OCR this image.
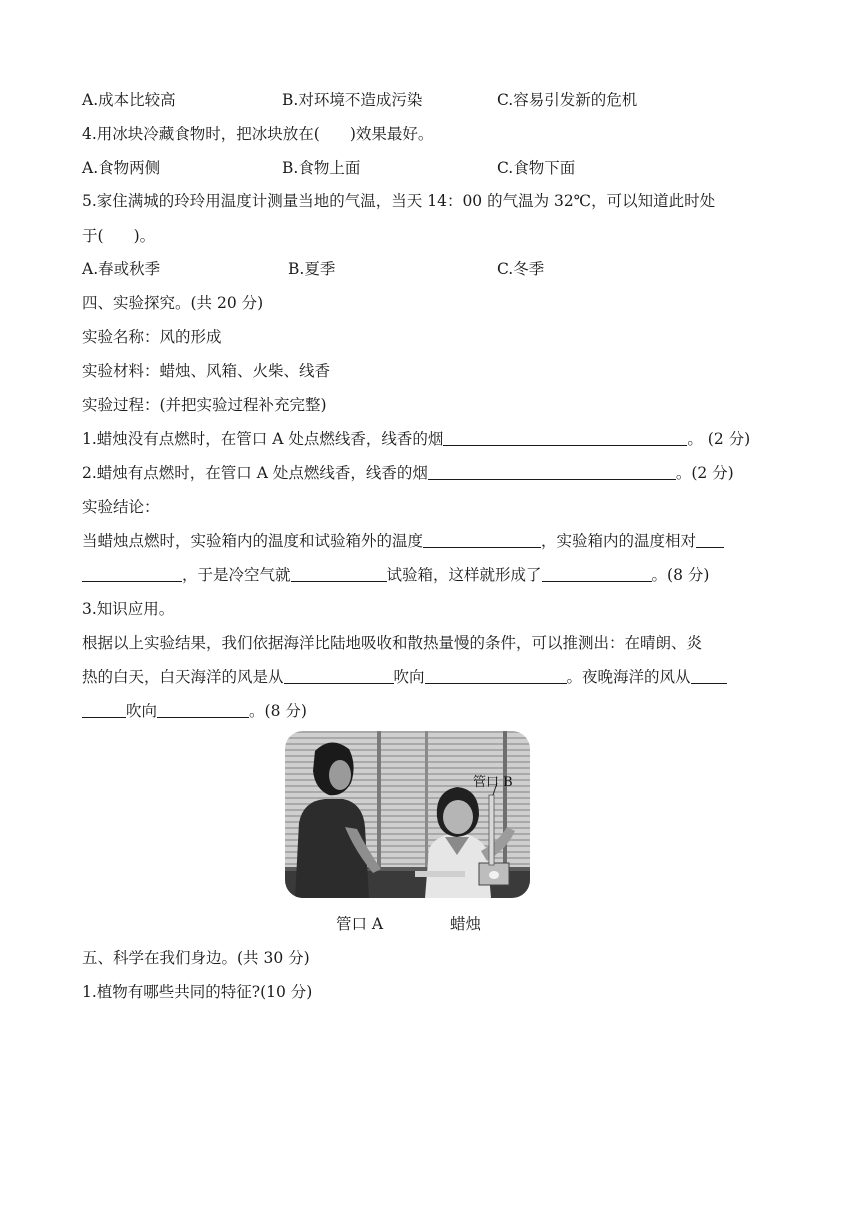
A.成本比较高	B.对环境不造成污染	C.容易引发新的危机
4.用冰块冷藏食物时，把冰块放在( )效果最好。
A.食物两侧	B.食物上面	C.食物下面
5.家住满城的玲玲用温度计测量当地的气温，当天 14：00 的气温为 32℃，可以知道此时处
于( )。
A.春或秋季	B.夏季	C.冬季
四、实验探究。(共 20 分)
实验名称：风的形成
实验材料：蜡烛、风箱、火柴、线香
实验过程：(并把实验过程补充完整)
1.蜡烛没有点燃时，在管口 A 处点燃线香，线香的烟	。 (2 分)
2.蜡烛有点燃时，在管口 A 处点燃线香，线香的烟	。(2 分)
实验结论：
当蜡烛点燃时，实验箱内的温度和试验箱外的温度	，实验箱内的温度相对
，于是冷空气就	试验箱，这样就形成了	。(8 分)
3.知识应用。
根据以上实验结果，我们依据海洋比陆地吸收和散热量慢的条件，可以推测出：在晴朗、炎
热的白天，白天海洋的风是从	吹向	。夜晚海洋的风从
吹向	。(8 分)
管口 B
管口 A	蜡烛
五、科学在我们身边。(共 30 分)
1.植物有哪些共同的特征?(10 分)
